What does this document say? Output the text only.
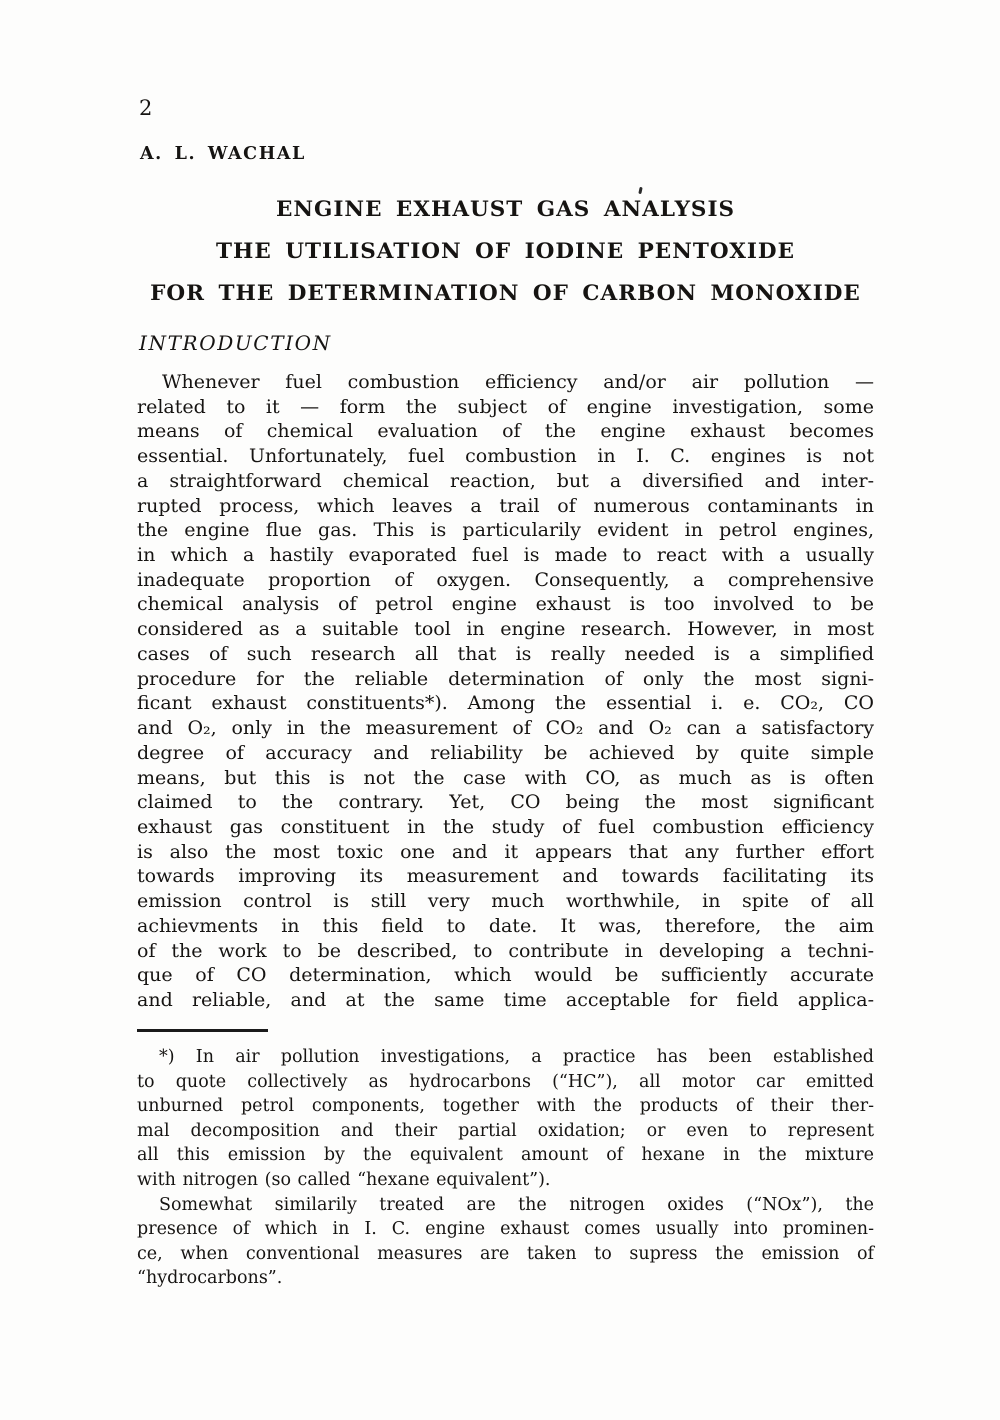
2
A. L. WACHAL
ENGINE EXHAUST GAS ANALYSIS
THE UTILISATION OF IODINE PENTOXIDE
FOR THE DETERMINATION OF CARBON MONOXIDE
INTRODUCTION
Whenever fuel combustion efficiency and/or air pollution —
related to it — form the subject of engine investigation, some
means of chemical evaluation of the engine exhaust becomes
essential. Unfortunately, fuel combustion in I. C. engines is not
a straightforward chemical reaction, but a diversified and inter-
rupted process, which leaves a trail of numerous contaminants in
the engine flue gas. This is particularily evident in petrol engines,
in which a hastily evaporated fuel is made to react with a usually
inadequate proportion of oxygen. Consequently, a comprehensive
chemical analysis of petrol engine exhaust is too involved to be
considered as a suitable tool in engine research. However, in most
cases of such research all that is really needed is a simplified
procedure for the reliable determination of only the most signi-
ficant exhaust constituents*). Among the essential i. e. CO₂, CO
and O₂, only in the measurement of CO₂ and O₂ can a satisfactory
degree of accuracy and reliability be achieved by quite simple
means, but this is not the case with CO, as much as is often
claimed to the contrary. Yet, CO being the most significant
exhaust gas constituent in the study of fuel combustion efficiency
is also the most toxic one and it appears that any further effort
towards improving its measurement and towards facilitating its
emission control is still very much worthwhile, in spite of all
achievments in this field to date. It was, therefore, the aim
of the work to be described, to contribute in developing a techni-
que of CO determination, which would be sufficiently accurate
and reliable, and at the same time acceptable for field applica-
*) In air pollution investigations, a practice has been established
to quote collectively as hydrocarbons (“HC”), all motor car emitted
unburned petrol components, together with the products of their ther-
mal decomposition and their partial oxidation; or even to represent
all this emission by the equivalent amount of hexane in the mixture
with nitrogen (so called “hexane equivalent”).
Somewhat similarily treated are the nitrogen oxides (“NOx”), the
presence of which in I. C. engine exhaust comes usually into prominen-
ce, when conventional measures are taken to supress the emission of
“hydrocarbons”.
